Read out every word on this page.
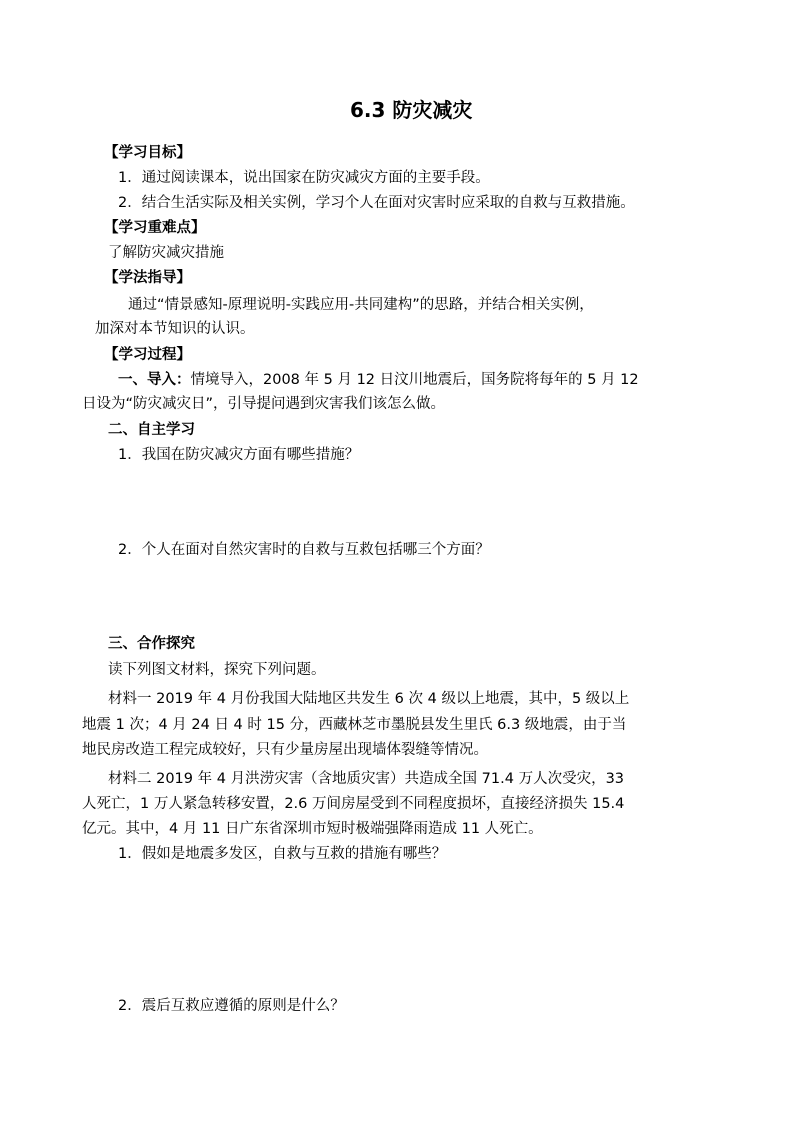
6.3 防灾减灾
【学习目标】
1．通过阅读课本，说出国家在防灾减灾方面的主要手段。
2．结合生活实际及相关实例，学习个人在面对灾害时应采取的自救与互救措施。
【学习重难点】
了解防灾减灾措施
【学法指导】
通过“情景感知-原理说明-实践应用-共同建构”的思路，并结合相关实例，
加深对本节知识的认识。
【学习过程】
一、导入：情境导入，2008 年 5 月 12 日汶川地震后，国务院将每年的 5 月 12
日设为“防灾减灾日”，引导提问遇到灾害我们该怎么做。
二、自主学习
1．我国在防灾减灾方面有哪些措施？
2．个人在面对自然灾害时的自救与互救包括哪三个方面？
三、合作探究
读下列图文材料，探究下列问题。
材料一 2019 年 4 月份我国大陆地区共发生 6 次 4 级以上地震，其中，5 级以上
地震 1 次；4 月 24 日 4 时 15 分，西藏林芝市墨脱县发生里氏 6.3 级地震，由于当
地民房改造工程完成较好，只有少量房屋出现墙体裂缝等情况。
材料二 2019 年 4 月洪涝灾害（含地质灾害）共造成全国 71.4 万人次受灾，33
人死亡，1 万人紧急转移安置，2.6 万间房屋受到不同程度损坏，直接经济损失 15.4
亿元。其中，4 月 11 日广东省深圳市短时极端强降雨造成 11 人死亡。
1．假如是地震多发区，自救与互救的措施有哪些？
2．震后互救应遵循的原则是什么？
